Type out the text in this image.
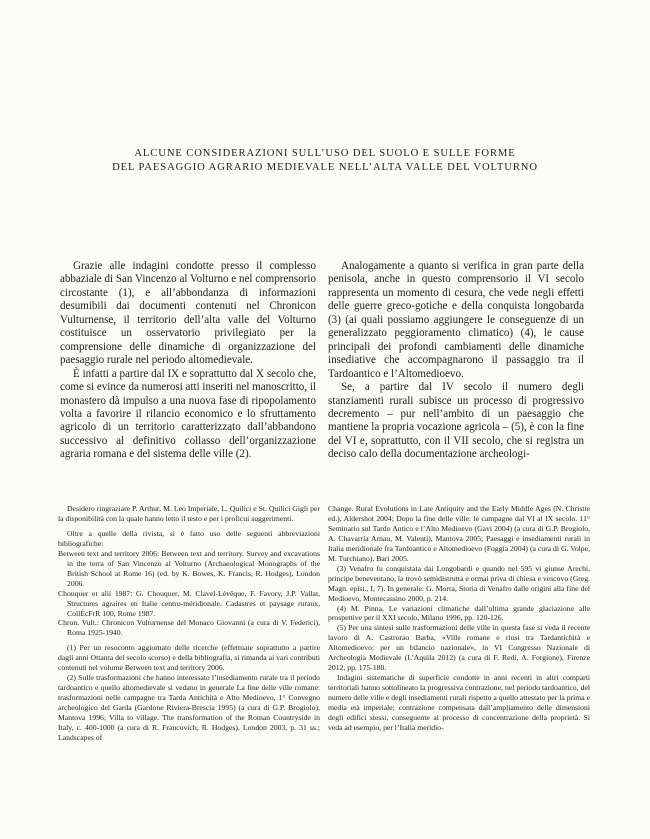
ALCUNE CONSIDERAZIONI SULL’USO DEL SUOLO E SULLE FORME
DEL PAESAGGIO AGRARIO MEDIEVALE NELL’ALTA VALLE DEL VOLTURNO

Grazie alle indagini condotte presso il complesso abbaziale di San Vincenzo al Volturno e nel comprensorio circostante (1), e all’abbondanza di informazioni desumibili dai documenti contenuti nel Chronicon Vulturnense, il territorio dell’alta valle del Volturno costituisce un osservatorio privilegiato per la comprensione delle dinamiche di organizzazione del paesaggio rurale nel periodo altomedievale.

È infatti a partire dal IX e soprattutto dal X secolo che, come si evince da numerosi atti inseriti nel manoscritto, il monastero dà impulso a una nuova fase di ripopolamento volta a favorire il rilancio economico e lo sfruttamento agricolo di un territorio caratterizzato dall’abbandono successivo al definitivo collasso dell’organizzazione agraria romana e del sistema delle ville (2).

Analogamente a quanto si verifica in gran parte della penisola, anche in questo comprensorio il VI secolo rappresenta un momento di cesura, che vede negli effetti delle guerre greco-gotiche e della conquista longobarda (3) (ai quali possiamo aggiungere le conseguenze di un generalizzato peggioramento climatico) (4), le cause principali dei profondi cambiamenti delle dinamiche insediative che accompagnarono il passaggio tra il Tardoantico e l’Altomedioevo.

Se, a partire dal IV secolo il numero degli stanziamenti rurali subisce un processo di progressivo decremento – pur nell’ambito di un paesaggio che mantiene la propria vocazione agricola – (5), è con la fine del VI e, soprattutto, con il VII secolo, che si registra un deciso calo della documentazione archeologi-

Desidero ringraziare P. Arthur, M. Leo Imperiale, L. Quilici e St. Quilici Gigli per la disponibilità con la quale hanno letto il testo e per i proficui suggerimenti.

Oltre a quelle della rivista, si è fatto uso delle seguenti abbreviazioni bibliografiche:

Between text and territory 2006: Between text and territory. Survey and excavations in the terra of San Vincenzo al Volturno (Archaeological Monographs of the British School at Rome 16) (ed. by K. Bowes, K. Francis, R. Hodges), London 2006.

Chouquer et alii 1987: G. Chouquer, M. Clavel-Lévêque, F. Favory, J.P. Vallat, Structures agraires en Italie centro-méridionale. Cadastres et paysage ruraux, CollÉcFrR 100, Rome 1987.

Chron. Vult.: Chronicon Vulturnense del Monaco Giovanni (a cura di V. Federici), Roma 1925-1940.

(1) Per un resoconto aggiornato delle ricerche (effettuate soprattutto a partire dagli anni Ottanta del secolo scorso) e della bibliografia, si rimanda ai vari contributi contenuti nel volume Between text and territory 2006.

(2) Sulle trasformazioni che hanno interessato l’insediamento rurale tra il periodo tardoantico e quello altomedievale si vedano in generale La fine delle ville romane: trasformazioni nelle campagne tra Tarda Antichità e Alto Medioevo, 1° Convegno archeologico del Garda (Gardone Riviera-Brescia 1995) (a cura di G.P. Brogiolo), Mantova 1996; Villa to village. The transformation of the Roman Countryside in Italy, c. 400-1000 (a cura di R. Francovich, R. Hodges), London 2003, p. 31 ss.; Landscapes of

Change. Rural Evolutions in Late Antiquity and the Early Middle Ages (N. Christie ed.), Aldershot 2004; Dopo la fine delle ville: le campagne dal VI al IX secolo. 11° Seminario sul Tardo Antico e l’Alto Medioevo (Gavi 2004) (a cura di G.P. Brogiolo, A. Chavarría Arnau, M. Valenti), Mantova 2005; Paesaggi e insediamenti rurali in Italia meridionale fra Tardoantico e Altomedioevo (Foggia 2004) (a cura di G. Volpe, M. Turchiano), Bari 2005.

(3) Venafro fu conquistata dai Longobardi e quando nel 595 vi giunse Arechi, principe beneventano, la trovò semidistrutta e ormai priva di chiesa e vescovo (Greg. Magn. epist., I, 7). In generale: G. Morra, Storia di Venafro dalle origini alla fine del Medioevo, Montecassino 2000, p. 214.

(4) M. Pinna, Le variazioni climatiche dall’ultima grande glaciazione alle prospettive per il XXI secolo, Milano 1996, pp. 120-126.

(5) Per una sintesi sulle trasformazioni delle ville in questa fase si veda il recente lavoro di A. Castrorao Barba, «Ville romane e riusi tra Tardantichità e Altomedioevo: per un bilancio nazionale», in VI Congresso Nazionale di Archeologia Medievale (L’Aquila 2012) (a cura di F. Redi, A. Forgione), Firenze 2012, pp. 175-180.

Indagini sistematiche di superficie condotte in anni recenti in altri comparti territoriali hanno sottolineato la progressiva contrazione, nel periodo tardoantico, del numero delle ville e degli insediamenti rurali rispetto a quello attestato per la prima e media età imperiale; contrazione compensata dall’ampliamento delle dimensioni degli edifici stessi, conseguente al processo di concentrazione della proprietà. Si veda ad esempio, per l’Italia meridio-
